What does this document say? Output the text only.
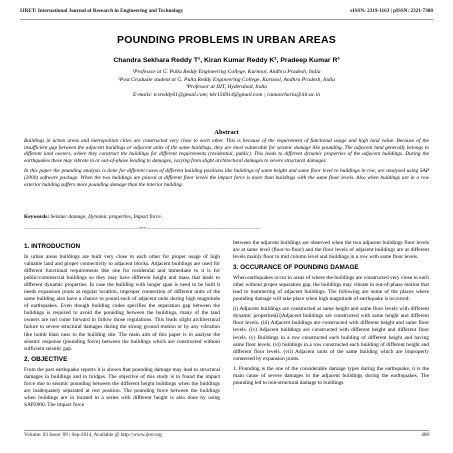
IJRET: International Journal of Research in Engineering and Technology	eISSN: 2319-1163 | pISSN: 2321-7308
POUNDING PROBLEMS IN URBAN AREAS
Chandra Sekhara Reddy T¹, Kiran Kumar Reddy K², Pradeep Kumar R³
¹Professor at G. Pulla Reddy Engineering College, Kurnool, Andhra Pradesh, India
²Post Graduate student at G. Pulla Reddy Engineering College, Kurnool, Andhra Pradesh, India
³Professor at IIIT, Hyderabad, India
E-mails: tcsreddy61@gmail.com; kkr156914@gmail.com ; ramancharla@iiit.ac.in
Abstract

Buildings in urban areas and metropolitan cities are constructed very close to each other. This is because of the requirement of functional usage and high land value. Because of the insufficient gap between the adjacent buildings or adjacent units of the same buildings, they are most vulnerable for seismic damage like pounding. The adjacent land generally belongs to different land owners, where they construct the buildings for different requirements (residential, public). This leads to different dynamic properties of the adjacent buildings. During the earthquakes these may vibrate in or out-of-phase leading to damages, varying from slight architectural damages to severe structural damages.

In this paper the pounding analysis is done for different cases of different building positions like buildings of same height and same floor level to buildings in row, are analysed using SAP (2000) software package. When the two buildings are placed at different floor levels the impact force is more than buildings with the same floor levels. Also when buildings are in a row exterior building suffers more pounding damage than the interior building.

Keywords: Seismic damage, Dynamic properties, Impact force.
-----------------------------------------------------------------------------***-----------------------------------------------------------------------------
1. INTRODUCTION

In urban areas buildings are built very close to each other for proper usage of high valuable land and proper connectivity to adjacent blocks. Adjacent buildings are used for different functional requirements like one for residential and immediate to it is for public/commercial buildings so they may have different height and mass that leads to different dynamic properties. In case the building with longer span is need to be built it needs expansion joints at regular location, improper connection of different units of the same building also have a chance to pound each of adjacent units during high magnitude of earthquakes. Even though building codes specifies the separation gap between the buildings is required to avoid the pounding between the buildings, many of the land owners are not come forward to follow those regulations. This leads slight architectural failure to severe structural damages during the strong ground motion or by any vibration like bomb blast near to the building site. The main aim of this paper is to analyse the seismic response (pounding force) between the buildings which are constructed without sufficient seismic gap.

2. OBJECTIVE

From the past earthquake reports it is shown that pounding damage may lead to structural damages in buildings and in bridges. The objective of this study is to found the impact force due to seismic pounding between the different height buildings when the buildings are inadequately separated at rest position. The pounding force between the buildings when buildings are in located in a series with different height is also done by using SAP2000. The impact force

between the adjacent buildings are observed when the two adjacent buildings floor levels are at same level (floor-to-floor) and the floor levels of adjacent buildings are at different levels mainly floor to mid column level and buildings in a row with same floor levels.

3. OCCURANCE OF POUNDING DAMAGE

When earthquakes occur in areas of where the buildings are constructed very close to each other without proper separation gap, the buildings may vibrate in out-of-phase motion that lead to hammering of adjacent buildings. The following are some of the places where pounding damage will take place when high magnitude of earthquake is occurred:

(i) Adjacent buildings are constructed at same height and same floor levels with different dynamic properties(ii)Adjacent buildings are constructed with same height and different floor levels. (iii) Adjacent buildings are constructed with different height and same floor levels. (iv) Adjacent buildings are constructed with different height and different floor levels. (v) Buildings in a row constructed each building of different height and having same floor levels. (vi) buildings in a row constructed each building of different height and different floor levels. (vii) Adjacent units of the same building which are improperly connected by expansion joints.

1. Pounding is the one of the considerable damage types during the earthquake, it is the main cause of severe damages in the adjacent buildings during the earthquakes. The pounding led to non-structural damage to buildings

Volume: 03 Issue: 09 | Sep-2014, Available @ http://www.ijret.org	488
